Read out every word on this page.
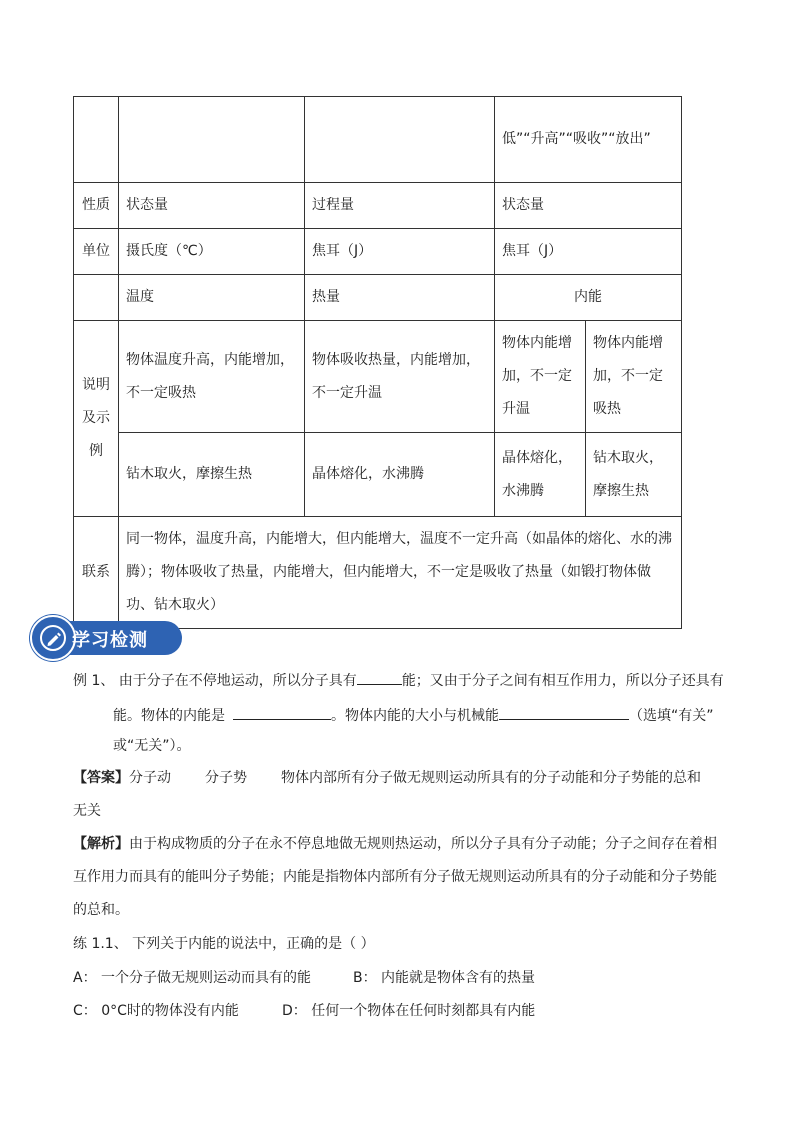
			低”“升高”“吸收”“放出”	
性质	状态量	过程量	状态量	
单位	摄氏度（℃）	焦耳（J）	焦耳（J）	
	温度	热量	内能	
说明及示例	物体温度升高，内能增加，不一定吸热	物体吸收热量，内能增加，不一定升温	物体内能增加，不一定升温	物体内能增加，不一定吸热
	钻木取火，摩擦生热	晶体熔化，水沸腾	晶体熔化，水沸腾	钻木取火，摩擦生热
联系	同一物体，温度升高，内能增大，但内能增大，温度不一定升高（如晶体的熔化、水的沸腾）；物体吸收了热量，内能增大，但内能增大，不一定是吸收了热量（如锻打物体做功、钻木取火）			
学习检测
例 1、 由于分子在不停地运动，所以分子具有	能；又由于分子之间有相互作用力，所以分子还具有
能。物体的内能是	。物体内能的大小与机械能	（选填“有关”
或“无关”）。
【答案】分子动 分子势 物体内部所有分子做无规则运动所具有的分子动能和分子势能的总和
无关
【解析】由于构成物质的分子在永不停息地做无规则热运动，所以分子具有分子动能；分子之间存在着相
互作用力而具有的能叫分子势能；内能是指物体内部所有分子做无规则运动所具有的分子动能和分子势能
的总和。
练 1.1、 下列关于内能的说法中，正确的是（ ）
A： 一个分子做无规则运动而具有的能	B： 内能就是物体含有的热量
C： 0°C时的物体没有内能	D： 任何一个物体在任何时刻都具有内能
